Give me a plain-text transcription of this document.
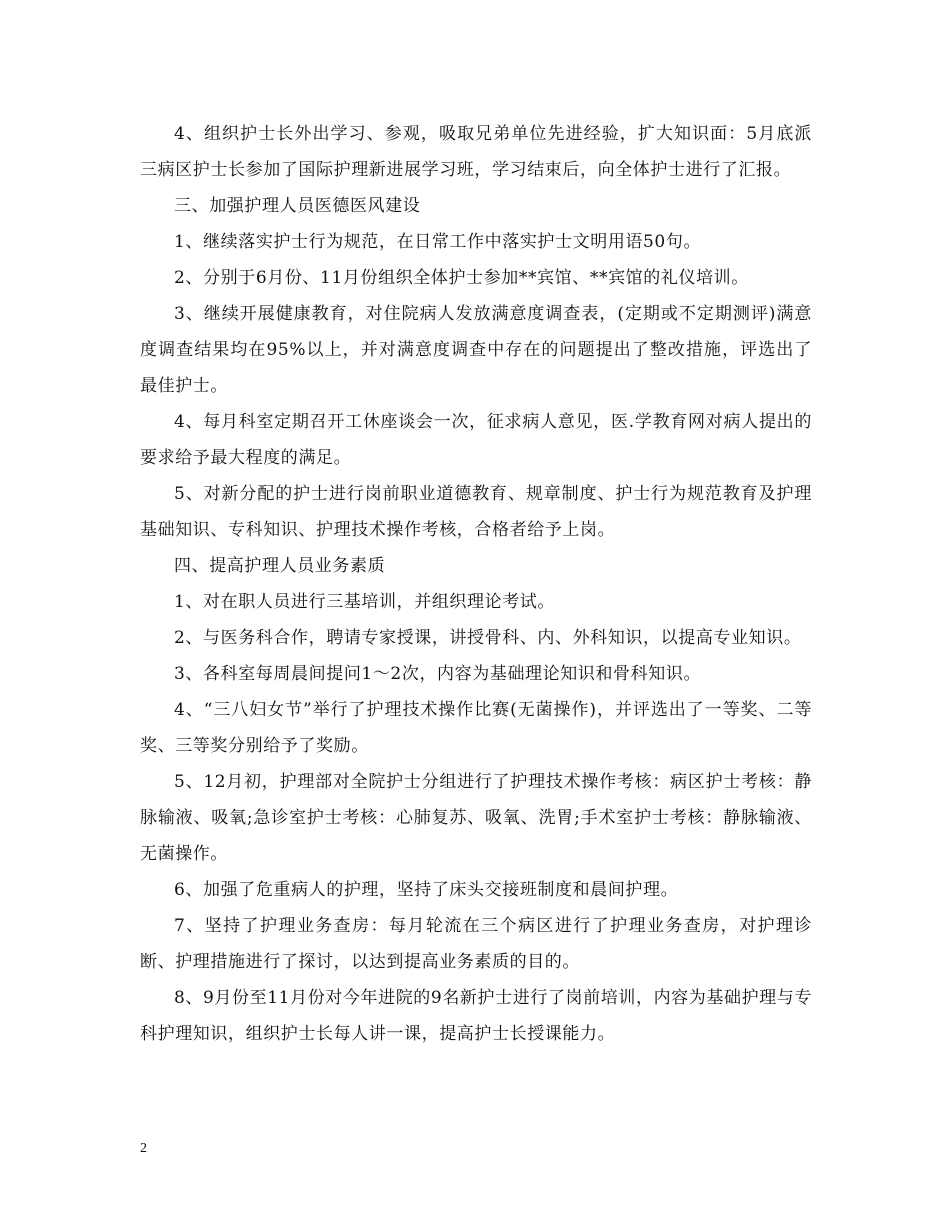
4、组织护士长外出学习、参观，吸取兄弟单位先进经验，扩大知识面：5月底派三病区护士长参加了国际护理新进展学习班，学习结束后，向全体护士进行了汇报。

三、加强护理人员医德医风建设

1、继续落实护士行为规范，在日常工作中落实护士文明用语50句。

2、分别于6月份、11月份组织全体护士参加**宾馆、**宾馆的礼仪培训。

3、继续开展健康教育，对住院病人发放满意度调查表，(定期或不定期测评)满意度调查结果均在95%以上，并对满意度调查中存在的问题提出了整改措施，评选出了最佳护士。

4、每月科室定期召开工休座谈会一次，征求病人意见，医.学教育网对病人提出的要求给予最大程度的满足。

5、对新分配的护士进行岗前职业道德教育、规章制度、护士行为规范教育及护理基础知识、专科知识、护理技术操作考核，合格者给予上岗。

四、提高护理人员业务素质

1、对在职人员进行三基培训，并组织理论考试。

2、与医务科合作，聘请专家授课，讲授骨科、内、外科知识，以提高专业知识。

3、各科室每周晨间提问1～2次，内容为基础理论知识和骨科知识。

4、“三八妇女节”举行了护理技术操作比赛(无菌操作)，并评选出了一等奖、二等奖、三等奖分别给予了奖励。

5、12月初，护理部对全院护士分组进行了护理技术操作考核：病区护士考核：静脉输液、吸氧;急诊室护士考核：心肺复苏、吸氧、洗胃;手术室护士考核：静脉输液、无菌操作。

6、加强了危重病人的护理，坚持了床头交接班制度和晨间护理。

7、坚持了护理业务查房：每月轮流在三个病区进行了护理业务查房，对护理诊断、护理措施进行了探讨，以达到提高业务素质的目的。

8、9月份至11月份对今年进院的9名新护士进行了岗前培训，内容为基础护理与专科护理知识，组织护士长每人讲一课，提高护士长授课能力。

2
